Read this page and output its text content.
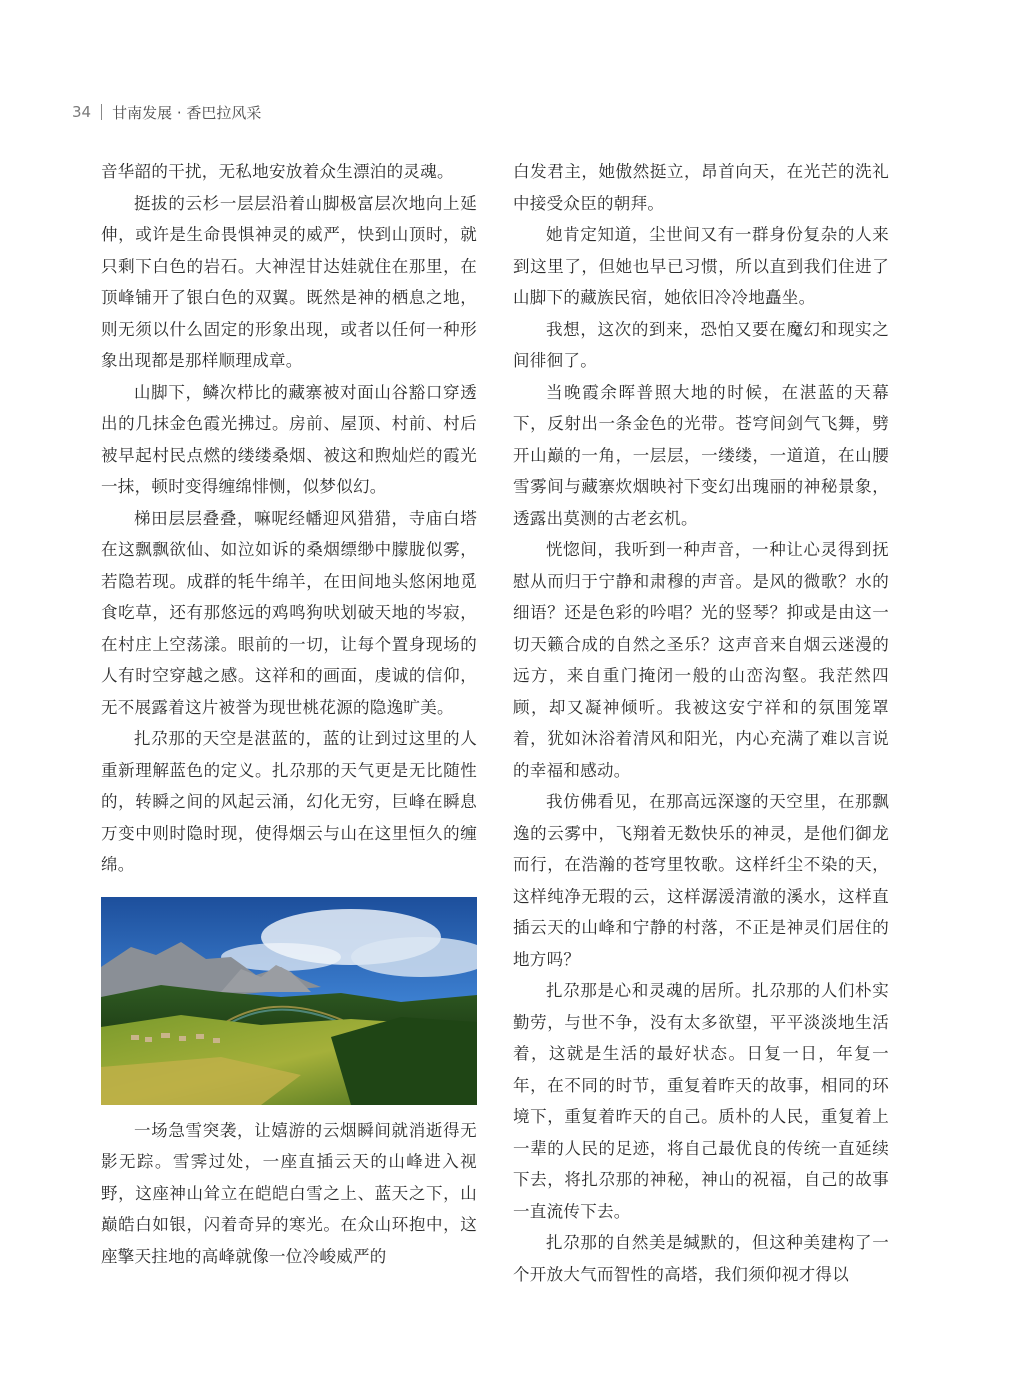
34 甘南发展 · 香巴拉风采

音华韶的干扰，无私地安放着众生漂泊的灵魂。

挺拔的云杉一层层沿着山脚极富层次地向上延伸，或许是生命畏惧神灵的威严，快到山顶时，就只剩下白色的岩石。大神涅甘达娃就住在那里，在顶峰铺开了银白色的双翼。既然是神的栖息之地，则无须以什么固定的形象出现，或者以任何一种形象出现都是那样顺理成章。

山脚下，鳞次栉比的藏寨被对面山谷豁口穿透出的几抹金色霞光拂过。房前、屋顶、村前、村后被早起村民点燃的缕缕桑烟、被这和煦灿烂的霞光一抹，顿时变得缠绵悱恻，似梦似幻。

梯田层层叠叠，嘛呢经幡迎风猎猎，寺庙白塔在这飘飘欲仙、如泣如诉的桑烟缥缈中朦胧似雾，若隐若现。成群的牦牛绵羊，在田间地头悠闲地觅食吃草，还有那悠远的鸡鸣狗吠划破天地的岑寂，在村庄上空荡漾。眼前的一切，让每个置身现场的人有时空穿越之感。这祥和的画面，虔诚的信仰，无不展露着这片被誉为现世桃花源的隐逸旷美。

扎尕那的天空是湛蓝的，蓝的让到过这里的人重新理解蓝色的定义。扎尕那的天气更是无比随性的，转瞬之间的风起云涌，幻化无穷，巨峰在瞬息万变中则时隐时现，使得烟云与山在这里恒久的缠绵。

一场急雪突袭，让嬉游的云烟瞬间就消逝得无影无踪。雪霁过处，一座直插云天的山峰进入视野，这座神山耸立在皑皑白雪之上、蓝天之下，山巅皓白如银，闪着奇异的寒光。在众山环抱中，这座擎天拄地的高峰就像一位冷峻威严的

白发君主，她傲然挺立，昂首向天，在光芒的洗礼中接受众臣的朝拜。

她肯定知道，尘世间又有一群身份复杂的人来到这里了，但她也早已习惯，所以直到我们住进了山脚下的藏族民宿，她依旧冷冷地矗坐。

我想，这次的到来，恐怕又要在魔幻和现实之间徘徊了。

当晚霞余晖普照大地的时候，在湛蓝的天幕下，反射出一条金色的光带。苍穹间剑气飞舞，劈开山巅的一角，一层层，一缕缕，一道道，在山腰雪雾间与藏寨炊烟映衬下变幻出瑰丽的神秘景象，透露出莫测的古老玄机。

恍惚间，我听到一种声音，一种让心灵得到抚慰从而归于宁静和肃穆的声音。是风的微歌？水的细语？还是色彩的吟唱？光的竖琴？抑或是由这一切天籁合成的自然之圣乐？这声音来自烟云迷漫的远方，来自重门掩闭一般的山峦沟壑。我茫然四顾，却又凝神倾听。我被这安宁祥和的氛围笼罩着，犹如沐浴着清风和阳光，内心充满了难以言说的幸福和感动。

我仿佛看见，在那高远深邃的天空里，在那飘逸的云雾中，飞翔着无数快乐的神灵，是他们御龙而行，在浩瀚的苍穹里牧歌。这样纤尘不染的天，这样纯净无瑕的云，这样潺湲清澈的溪水，这样直插云天的山峰和宁静的村落，不正是神灵们居住的地方吗？

扎尕那是心和灵魂的居所。扎尕那的人们朴实勤劳，与世不争，没有太多欲望，平平淡淡地生活着，这就是生活的最好状态。日复一日，年复一年，在不同的时节，重复着昨天的故事，相同的环境下，重复着昨天的自己。质朴的人民，重复着上一辈的人民的足迹，将自己最优良的传统一直延续下去，将扎尕那的神秘，神山的祝福，自己的故事一直流传下去。

扎尕那的自然美是缄默的，但这种美建构了一个开放大气而智性的高塔，我们须仰视才得以
